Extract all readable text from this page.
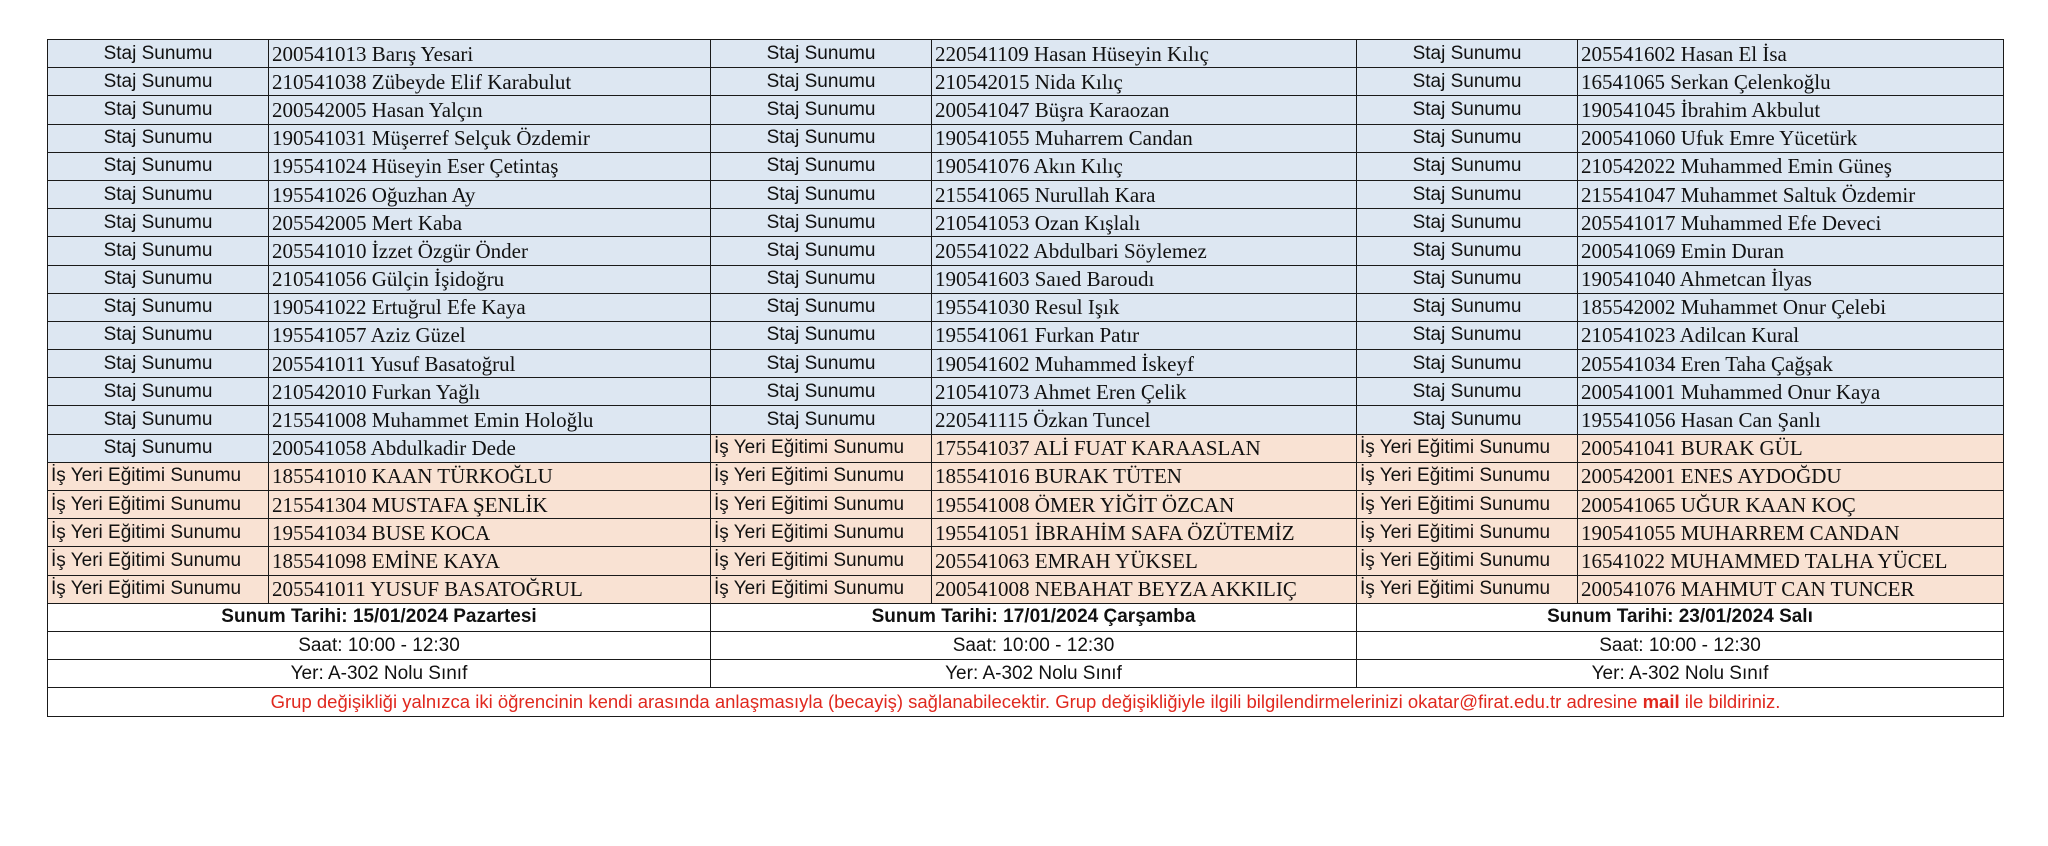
Staj Sunumu	200541013 Barış Yesari	Staj Sunumu	220541109 Hasan Hüseyin Kılıç	Staj Sunumu	205541602 Hasan El İsa
Staj Sunumu	210541038 Zübeyde Elif Karabulut	Staj Sunumu	210542015 Nida Kılıç	Staj Sunumu	16541065 Serkan Çelenkoğlu
Staj Sunumu	200542005 Hasan Yalçın	Staj Sunumu	200541047 Büşra Karaozan	Staj Sunumu	190541045 İbrahim Akbulut
Staj Sunumu	190541031 Müşerref Selçuk Özdemir	Staj Sunumu	190541055 Muharrem Candan	Staj Sunumu	200541060 Ufuk Emre Yücetürk
Staj Sunumu	195541024 Hüseyin Eser Çetintaş	Staj Sunumu	190541076 Akın Kılıç	Staj Sunumu	210542022 Muhammed Emin Güneş
Staj Sunumu	195541026 Oğuzhan Ay	Staj Sunumu	215541065 Nurullah Kara	Staj Sunumu	215541047 Muhammet Saltuk Özdemir
Staj Sunumu	205542005 Mert Kaba	Staj Sunumu	210541053 Ozan Kışlalı	Staj Sunumu	205541017 Muhammed Efe Deveci
Staj Sunumu	205541010 İzzet Özgür Önder	Staj Sunumu	205541022 Abdulbari Söylemez	Staj Sunumu	200541069 Emin Duran
Staj Sunumu	210541056 Gülçin İşidoğru	Staj Sunumu	190541603 Saıed Baroudı	Staj Sunumu	190541040 Ahmetcan İlyas
Staj Sunumu	190541022 Ertuğrul Efe Kaya	Staj Sunumu	195541030 Resul Işık	Staj Sunumu	185542002 Muhammet Onur Çelebi
Staj Sunumu	195541057 Aziz Güzel	Staj Sunumu	195541061 Furkan Patır	Staj Sunumu	210541023 Adilcan Kural
Staj Sunumu	205541011 Yusuf Basatoğrul	Staj Sunumu	190541602 Muhammed İskeyf	Staj Sunumu	205541034 Eren Taha Çağşak
Staj Sunumu	210542010 Furkan Yağlı	Staj Sunumu	210541073 Ahmet Eren Çelik	Staj Sunumu	200541001 Muhammed Onur Kaya
Staj Sunumu	215541008 Muhammet Emin Holoğlu	Staj Sunumu	220541115 Özkan Tuncel	Staj Sunumu	195541056 Hasan Can Şanlı
Staj Sunumu	200541058 Abdulkadir Dede	İş Yeri Eğitimi Sunumu	175541037 ALİ FUAT KARAASLAN	İş Yeri Eğitimi Sunumu	200541041 BURAK GÜL
İş Yeri Eğitimi Sunumu	185541010 KAAN TÜRKOĞLU	İş Yeri Eğitimi Sunumu	185541016 BURAK TÜTEN	İş Yeri Eğitimi Sunumu	200542001 ENES AYDOĞDU
İş Yeri Eğitimi Sunumu	215541304 MUSTAFA ŞENLİK	İş Yeri Eğitimi Sunumu	195541008 ÖMER YİĞİT ÖZCAN	İş Yeri Eğitimi Sunumu	200541065 UĞUR KAAN KOÇ
İş Yeri Eğitimi Sunumu	195541034 BUSE KOCA	İş Yeri Eğitimi Sunumu	195541051 İBRAHİM SAFA ÖZÜTEMİZ	İş Yeri Eğitimi Sunumu	190541055 MUHARREM CANDAN
İş Yeri Eğitimi Sunumu	185541098 EMİNE KAYA	İş Yeri Eğitimi Sunumu	205541063 EMRAH YÜKSEL	İş Yeri Eğitimi Sunumu	16541022 MUHAMMED TALHA YÜCEL
İş Yeri Eğitimi Sunumu	205541011 YUSUF BASATOĞRUL	İş Yeri Eğitimi Sunumu	200541008 NEBAHAT BEYZA AKKILIÇ	İş Yeri Eğitimi Sunumu	200541076 MAHMUT CAN TUNCER
Sunum Tarihi: 15/01/2024 Pazartesi		Sunum Tarihi: 17/01/2024 Çarşamba		Sunum Tarihi: 23/01/2024 Salı	
Saat: 10:00 - 12:30		Saat: 10:00 - 12:30		Saat: 10:00 - 12:30	
Yer: A-302 Nolu Sınıf		Yer: A-302 Nolu Sınıf		Yer: A-302 Nolu Sınıf	
Grup değişikliği yalnızca iki öğrencinin kendi arasında anlaşmasıyla (becayiş) sağlanabilecektir. Grup değişikliğiyle ilgili bilgilendirmelerinizi okatar@firat.edu.tr adresine mail ile bildiriniz.					
